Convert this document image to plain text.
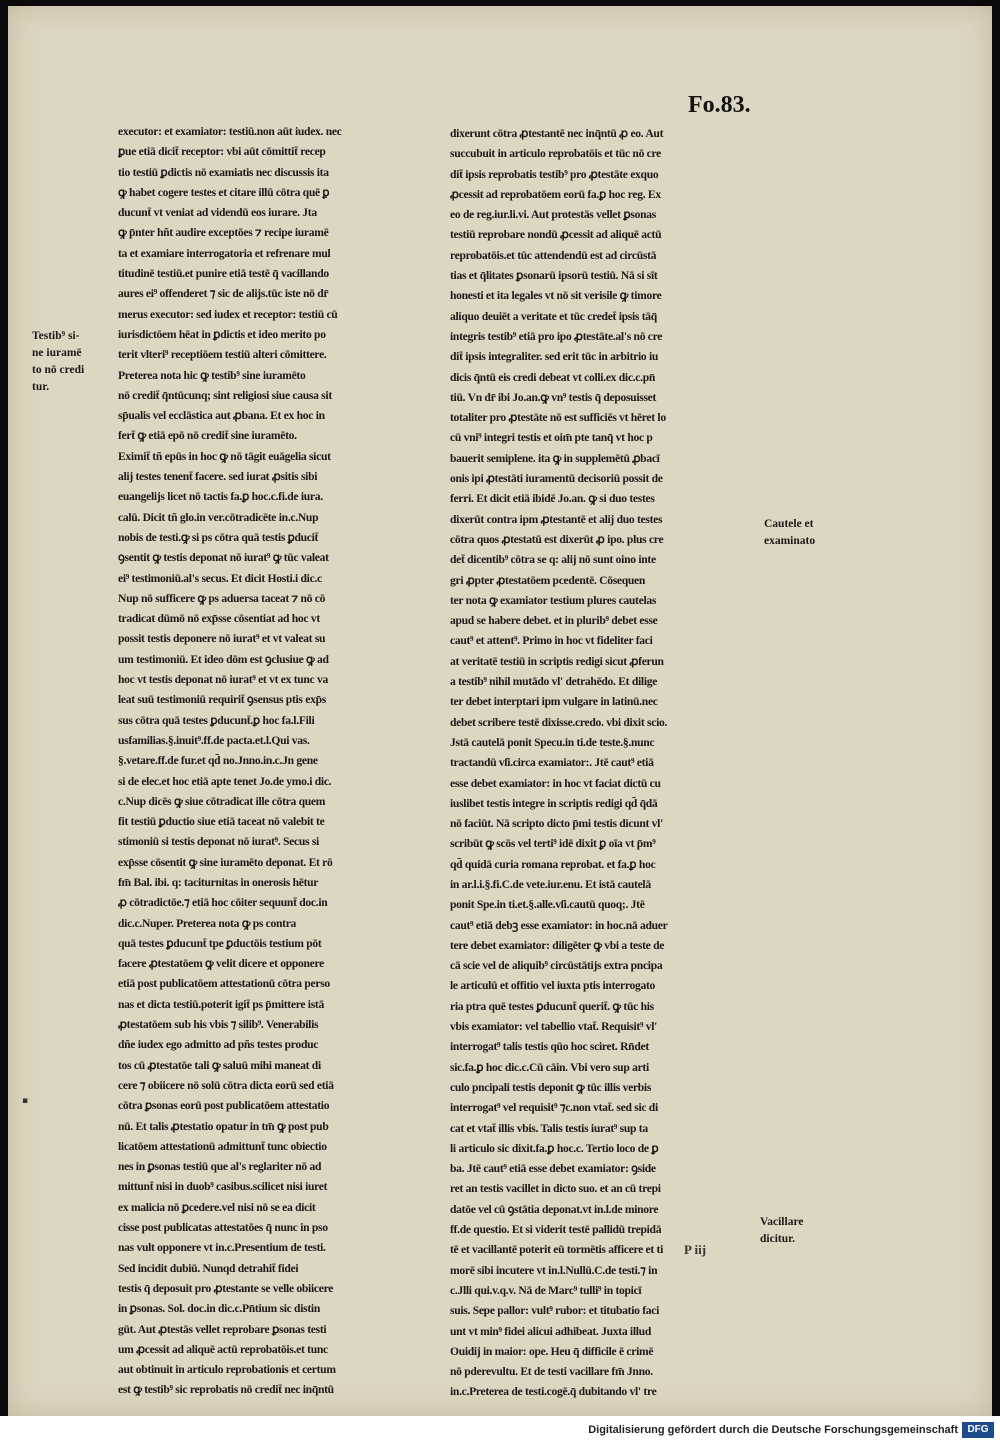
Fo.83.
Testib⁹ si-
ne iuramē
to nō credi
tur.
Cautele et
examinato
Vacillare
dicitur.
▪
executor: et examiator: testiū.non aūt iudex. nec
ꝑue etiā dicit̄ receptor: vbi aūt cōmittit̄ recep
tio testiū ꝑdictis nō examiatis nec discussis ita
ꝙ habet cogere testes et citare illū cōtra quē ꝑ
ducunt̄ vt veniat ad videndū eos iurare. Jta
ꝙ p̄nter hñt audire exceptōes ⁊ recipe iuramē
ta et examiare interrogatoria et refrenare mul
titudinē testiū.et punire etiā testē q̄ vacillando
aures ei⁹ offenderet ⁊ sic de alijs.tūc iste nō dr̄
merus executor: sed iudex et receptor: testiū cū
iurisdictōem hēat in ꝑdictis et ideo merito po
terit vlteri⁹ receptiōem testiū alteri cōmittere.
Preterea nota hic ꝙ testib⁹ sine iuramēto
nō credit̄ q̄ntūcunq; sint religiosi siue causa sit
sp̄ualis vel ecclāstica aut ꝓbana. Et ex hoc in
fert̄ ꝙ etiā epō nō credit̄ sine iuramēto.
Eximit̄ tñ epūs in hoc ꝙ nō tāgit euāgelia sicut
alij testes tenent̄ facere. sed iurat ꝓsitis sibi
euangelijs licet nō tactis fa.ꝑ hoc.c.fi.de iura.
calū. Dicit tñ glo.in ver.cōtradicēte in.c.Nup
nobis de testi.ꝙ si ps cōtra quā testis ꝑducit̄
ꝯsentit ꝙ testis deponat nō iurat⁹ ꝙ tūc valeat
ei⁹ testimoniū.al's secus. Et dicit Hosti.i dic.c
Nup nō sufficere ꝙ ps aduersa taceat ⁊ nō cō
tradicat dūmō nō exp̄sse cōsentiat ad hoc vt
possit testis deponere nō iurat⁹ et vt valeat su
um testimoniū. Et ideo dōm est ꝯclusiue ꝙ ad
hoc vt testis deponat nō iurat⁹ et vt ex tunc va
leat suū testimoniū requirit̄ ꝯsensus ptis exp̄s
sus cōtra quā testes ꝑducunt̄.ꝑ hoc fa.l.Fili
usfamilias.§.inuit⁹.ff.de pacta.et.l.Qui vas.
§.vetare.ff.de fur.et qd̄ no.Jnno.in.c.Jn gene
si de elec.et hoc etiā apte tenet Jo.de ymo.i dic.
c.Nup dicēs ꝙ siue cōtradicat ille cōtra quem
fit testiū ꝑductio siue etiā taceat nō valebit te
stimoniū si testis deponat nō iurat⁹. Secus si
exp̄sse cōsentit ꝙ sine iuramēto deponat. Et rō
fm̄ Bal. ibi. q: taciturnitas in onerosis hētur
ꝓ cōtradictōe.⁊ etiā hoc cōiter sequunt̄ doc.in
dic.c.Nuper. Preterea nota ꝙ ps contra
quā testes ꝑducunt̄ tpe ꝑductōis testium pōt
facere ꝓtestatōem ꝙ velit dicere et opponere
etiā post publicatōem attestationū cōtra perso
nas et dicta testiū.poterit igit̄ ps p̄mittere istā
ꝓtestatōem sub his vbis ⁊ silib⁹. Venerabilis
dñe iudex ego admitto ad pñs testes produc
tos cū ꝓtestatōe tali ꝙ saluū mihi maneat di
cere ⁊ obiicere nō solū cōtra dicta eorū sed etiā
cōtra ꝑsonas eorū post publicatōem attestatio
nū. Et talis ꝓtestatio opatur in tm̄ ꝙ post pub
licatōem attestationū admittunt̄ tunc obiectio
nes in ꝑsonas testiū que al's reglariter nō ad
mittunt̄ nisi in duob⁹ casibus.scilicet nisi iuret
ex malicia nō ꝑcedere.vel nisi nō se ea dicit
cisse post publicatas attestatōes q̄ nunc in pso
nas vult opponere vt in.c.Presentium de testi.
Sed incidit dubiū. Nunqd detrahit̄ fidei
testis q̄ deposuit pro ꝓtestante se velle obiicere
in ꝑsonas. Sol. doc.in dic.c.Pn̄tium sic distin
gūt. Aut ꝓtestās vellet reprobare ꝑsonas testi
um ꝓcessit ad aliquē actū reprobatōis.et tunc
aut obtinuit in articulo reprobationis et certum
est ꝙ testib⁹ sic reprobatis nō credit̄ nec inq̄ntū
dixerunt cōtra ꝓtestantē nec inq̄ntū ꝓ eo. Aut
succubuit in articulo reprobatōis et tūc nō cre
dit̄ ipsis reprobatis testib⁹ pro ꝓtestāte exquo
ꝓcessit ad reprobatōem eorū fa.ꝑ hoc reg. Ex
eo de reg.iur.li.vi. Aut protestās vellet ꝑsonas
testiū reprobare nondū ꝓcessit ad aliquē actū
reprobatōis.et tūc attendendū est ad circūstā
tias et q̄litates ꝑsonarū ipsorū testiū. Nā si sīt
honesti et ita legales vt nō sit verisile ꝙ timore
aliquo deuiēt a veritate et tūc credet̄ ipsis tāq̄
integris testib⁹ etiā pro ipo ꝓtestāte.al's nō cre
dit̄ ipsis integraliter. sed erit tūc in arbitrio iu
dicis q̄ntū eis credi debeat vt colli.ex dic.c.pn̄
tiū. Vn dr̄ ibi Jo.an.ꝙ vn⁹ testis q̄ deposuisset
totaliter pro ꝓtestāte nō est sufficiēs vt hēret lo
cū vni⁹ integri testis et oim̄ pte tanq̄ vt hoc p
bauerit semiplene. ita ꝙ in supplemētū ꝓbacī
onis ipi ꝓtestāti iuramentū decisoriū possit de
ferri. Et dicit etiā ibidē Jo.an. ꝙ si duo testes
dixerūt contra ipm ꝓtestantē et alij duo testes
cōtra quos ꝓtestatū est dixerūt ꝓ ipo. plus cre
det̄ dicentib⁹ cōtra se q: alij nō sunt oino inte
gri ꝓpter ꝓtestatōem pcedentē. Cōsequen
ter nota ꝙ examiator testium plures cautelas
apud se habere debet. et in plurib⁹ debet esse
caut⁹ et attent⁹. Primo in hoc vt fideliter faci
at veritatē testiū in scriptis redigi sicut ꝓferun
a testib⁹ nihil mutādo vl' detrahēdo. Et dilige
ter debet interptari ipm vulgare in latinū.nec
debet scribere testē dixisse.credo. vbi dixit scio.
Jstā cautelā ponit Specu.in ti.de teste.§.nunc
tractandū vſi.circa examiator:. Jtē caut⁹ etiā
esse debet examiator: in hoc vt faciat dictū cu
iuslibet testis integre in scriptis redigi qd̄ q̄dā
nō faciūt. Nā scripto dicto p̄mi testis dicunt vl'
scribūt ꝙ scōs vel terti⁹ idē dixit ꝑ oīa vt p̄m⁹
qd̄ quidā curia romana reprobat. et fa.ꝑ hoc
in ar.l.i.§.fi.C.de vete.iur.enu. Et istā cautelā
ponit Spe.in ti.et.§.alle.vſi.cautū quoq;. Jtē
caut⁹ etiā debꝫ esse examiator: in hoc.nā aduer
tere debet examiator: diligēter ꝙ vbi a teste de
cā scie vel de aliquib⁹ circūstātijs extra pncipa
le articulū et offitio vel iuxta ptis interrogato
ria ptra quē testes ꝑducunt̄ querit̄. ꝙ tūc his
vbis examiator: vel tabellio vtat̄. Requisit⁹ vl'
interrogat⁹ talis testis qūo hoc sciret. Rn̄det
sic.fa.ꝑ hoc dic.c.Cū cāin. Vbi vero sup arti
culo pncipali testis deponit ꝙ tūc illis verbis
interrogat⁹ vel requisit⁹ ⁊c.non vtat̄. sed sic di
cat et vtat̄ illis vbis. Talis testis iurat⁹ sup ta
li articulo sic dixit.fa.ꝑ hoc.c. Tertio loco de ꝑ
ba. Jtē caut⁹ etiā esse debet examiator: ꝯside
ret an testis vacillet in dicto suo. et an cū trepi
datōe vel cū ꝯstātia deponat.vt in.l.de minore
ff.de questio. Et si viderit testē pallidū trepidā
tē et vacillantē poterit eū tormētis afficere et ti
morē sibi incutere vt in.l.Nullū.C.de testi.⁊ in
c.Jlli qui.v.q.v. Nā de Marc⁹ tulli⁹ in topicī
suis. Sepe pallor: vult⁹ rubor: et titubatio faci
unt vt min⁹ fidei alicui adhibeat. Juxta illud
Ouidij in maior: ope. Heu q̄ difficile ē crimē
nō pderevultu. Et de testi vacillare fm̄ Jnno.
in.c.Preterea de testi.cogē.q̄ dubitando vl' tre
P iij
Digitalisierung gefördert durch die Deutsche Forschungsgemeinschaft DFG
